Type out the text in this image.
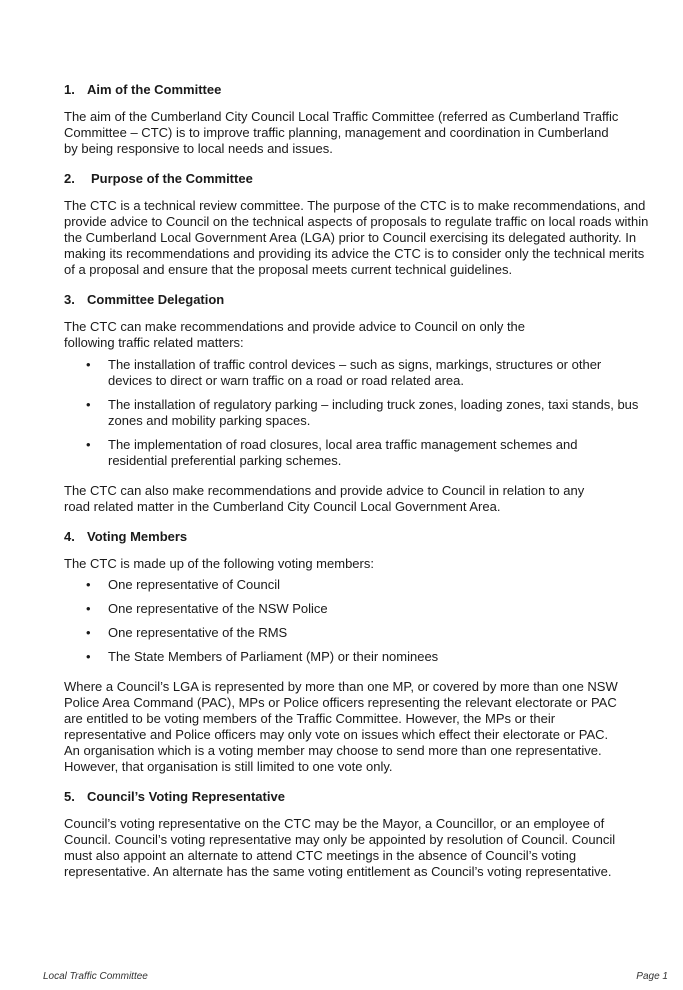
1. Aim of the Committee

The aim of the Cumberland City Council Local Traffic Committee (referred as Cumberland Traffic Committee – CTC) is to improve traffic planning, management and coordination in Cumberland by being responsive to local needs and issues.

2. Purpose of the Committee

The CTC is a technical review committee. The purpose of the CTC is to make recommendations, and provide advice to Council on the technical aspects of proposals to regulate traffic on local roads within the Cumberland Local Government Area (LGA) prior to Council exercising its delegated authority. In making its recommendations and providing its advice the CTC is to consider only the technical merits of a proposal and ensure that the proposal meets current technical guidelines.

3. Committee Delegation

The CTC can make recommendations and provide advice to Council on only the following traffic related matters:

• The installation of traffic control devices – such as signs, markings, structures or other devices to direct or warn traffic on a road or road related area.
• The installation of regulatory parking – including truck zones, loading zones, taxi stands, bus zones and mobility parking spaces.
• The implementation of road closures, local area traffic management schemes and residential preferential parking schemes.

The CTC can also make recommendations and provide advice to Council in relation to any road related matter in the Cumberland City Council Local Government Area.

4. Voting Members

The CTC is made up of the following voting members:

• One representative of Council
• One representative of the NSW Police
• One representative of the RMS
• The State Members of Parliament (MP) or their nominees

Where a Council’s LGA is represented by more than one MP, or covered by more than one NSW Police Area Command (PAC), MPs or Police officers representing the relevant electorate or PAC are entitled to be voting members of the Traffic Committee. However, the MPs or their representative and Police officers may only vote on issues which effect their electorate or PAC. An organisation which is a voting member may choose to send more than one representative. However, that organisation is still limited to one vote only.

5. Council’s Voting Representative

Council’s voting representative on the CTC may be the Mayor, a Councillor, or an employee of Council. Council’s voting representative may only be appointed by resolution of Council. Council must also appoint an alternate to attend CTC meetings in the absence of Council’s voting representative. An alternate has the same voting entitlement as Council’s voting representative.

Local Traffic Committee	Page 1
